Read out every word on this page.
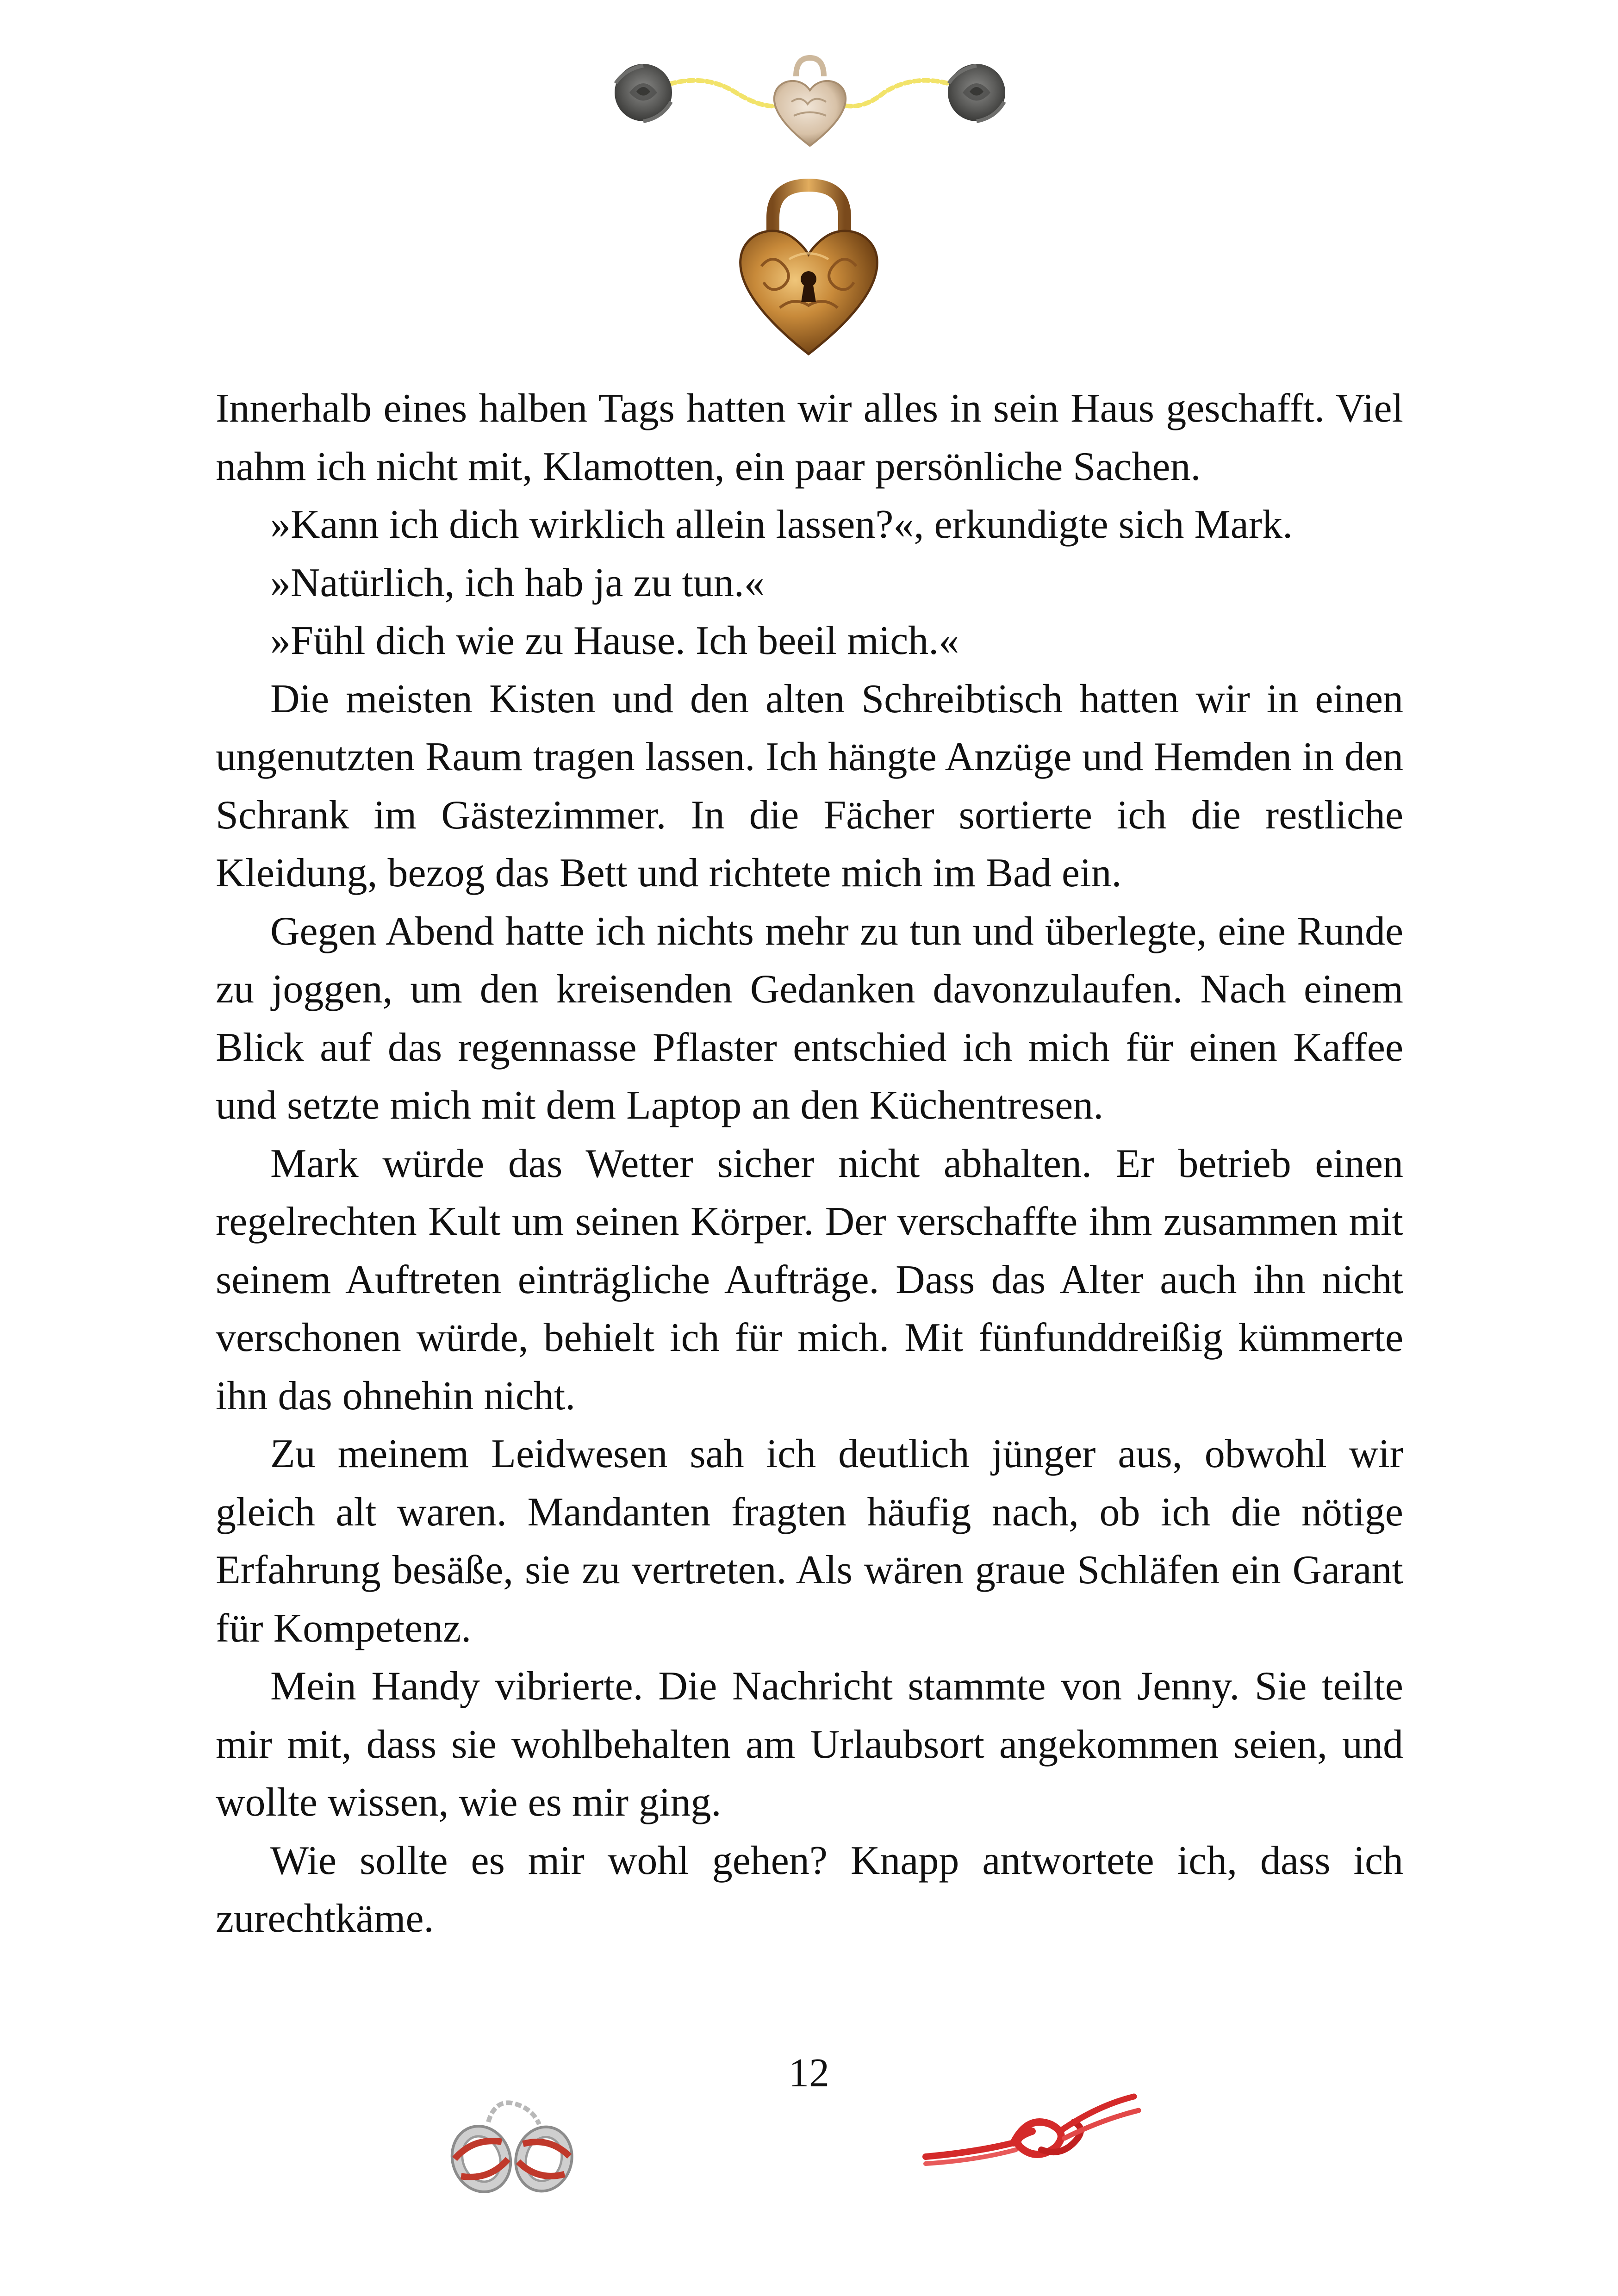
Innerhalb eines halben Tags hatten wir alles in sein Haus geschafft. Viel nahm ich nicht mit, Klamotten, ein paar persönliche Sachen.

»Kann ich dich wirklich allein lassen?«, erkundigte sich Mark.

»Natürlich, ich hab ja zu tun.«

»Fühl dich wie zu Hause. Ich beeil mich.«

Die meisten Kisten und den alten Schreibtisch hatten wir in einen ungenutzten Raum tragen lassen. Ich hängte Anzüge und Hemden in den Schrank im Gästezimmer. In die Fächer sortierte ich die restliche Kleidung, bezog das Bett und richtete mich im Bad ein.

Gegen Abend hatte ich nichts mehr zu tun und überlegte, eine Runde zu joggen, um den kreisenden Gedanken davonzulaufen. Nach einem Blick auf das regennasse Pflaster entschied ich mich für einen Kaffee und setzte mich mit dem Laptop an den Küchentresen.

Mark würde das Wetter sicher nicht abhalten. Er betrieb einen regelrechten Kult um seinen Körper. Der verschaffte ihm zusammen mit seinem Auftreten einträgliche Aufträge. Dass das Alter auch ihn nicht verschonen würde, behielt ich für mich. Mit fünfunddreißig kümmerte ihn das ohnehin nicht.

Zu meinem Leidwesen sah ich deutlich jünger aus, obwohl wir gleich alt waren. Mandanten fragten häufig nach, ob ich die nötige Erfahrung besäße, sie zu vertreten. Als wären graue Schläfen ein Garant für Kompetenz.

Mein Handy vibrierte. Die Nachricht stammte von Jenny. Sie teilte mir mit, dass sie wohlbehalten am Urlaubsort angekommen seien, und wollte wissen, wie es mir ging.

Wie sollte es mir wohl gehen? Knapp antwortete ich, dass ich zurechtkäme.

12
